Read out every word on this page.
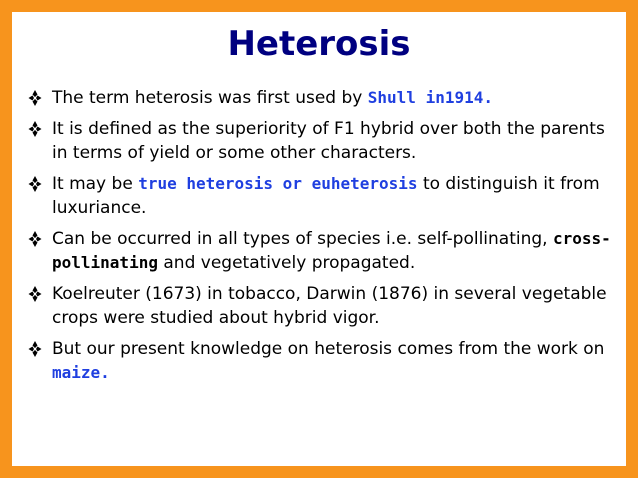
Heterosis
The term heterosis was first used by Shull in1914.
It is defined as the superiority of F1 hybrid over both the parents in terms of yield or some other characters.
It may be true heterosis or euheterosis to distinguish it from luxuriance.
Can be occurred in all types of species i.e. self-pollinating, cross-pollinating and vegetatively propagated.
Koelreuter (1673) in tobacco, Darwin (1876) in several vegetable crops were studied about hybrid vigor.
But our present knowledge on heterosis comes from the work on maize.
